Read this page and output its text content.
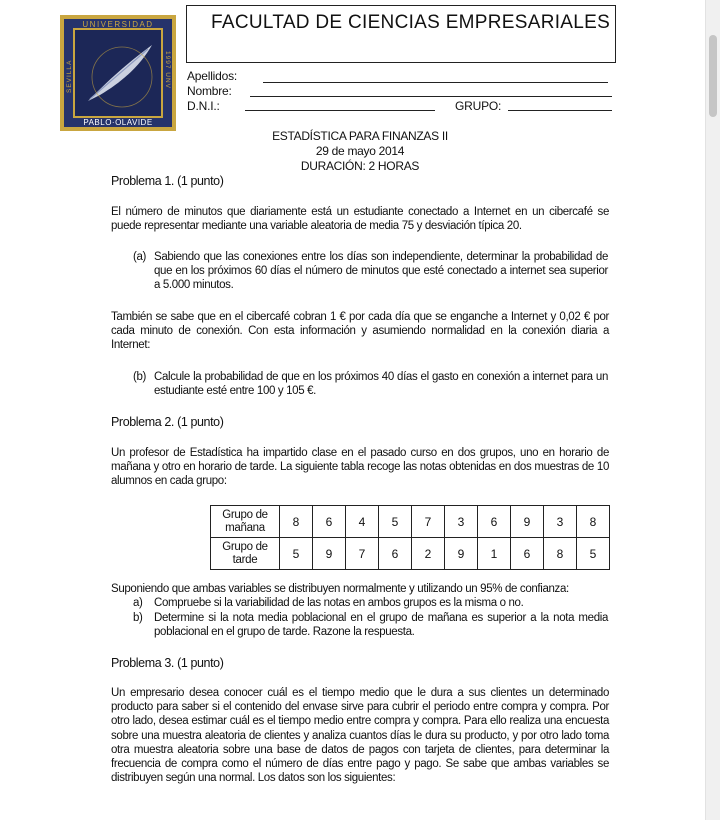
UNIVERSIDAD
PABLO·OLAVIDE
SEVILLA	1997 UNV
FACULTAD DE CIENCIAS EMPRESARIALES
Apellidos:
Nombre:
D.N.I.:	GRUPO:
ESTADÍSTICA PARA FINANZAS II
29 de mayo 2014
DURACIÓN: 2 HORAS
Problema 1. (1 punto)
El número de minutos que diariamente está un estudiante conectado a Internet en un cibercafé se puede representar mediante una variable aleatoria de media 75 y desviación típica 20.
(a) Sabiendo que las conexiones entre los días son independiente, determinar la probabilidad de que en los próximos 60 días el número de minutos que esté conectado a internet sea superior a 5.000 minutos.
También se sabe que en el cibercafé cobran 1 € por cada día que se enganche a Internet y 0,02 € por cada minuto de conexión. Con esta información y asumiendo normalidad en la conexión diaria a Internet:
(b) Calcule la probabilidad de que en los próximos 40 días el gasto en conexión a internet para un estudiante esté entre 100 y 105 €.
Problema 2. (1 punto)
Un profesor de Estadística ha impartido clase en el pasado curso en dos grupos, uno en horario de mañana y otro en horario de tarde. La siguiente tabla recoge las notas obtenidas en dos muestras de 10 alumnos en cada grupo:
Grupo de mañana	8	6	4	5	7	3	6	9	3	8
Grupo de tarde	5	9	7	6	2	9	1	6	8	5
Suponiendo que ambas variables se distribuyen normalmente y utilizando un 95% de confianza:
a) Compruebe si la variabilidad de las notas en ambos grupos es la misma o no.
b) Determine si la nota media poblacional en el grupo de mañana es superior a la nota media poblacional en el grupo de tarde. Razone la respuesta.
Problema 3. (1 punto)
Un empresario desea conocer cuál es el tiempo medio que le dura a sus clientes un determinado producto para saber si el contenido del envase sirve para cubrir el periodo entre compra y compra. Por otro lado, desea estimar cuál es el tiempo medio entre compra y compra. Para ello realiza una encuesta sobre una muestra aleatoria de clientes y analiza cuantos días le dura su producto, y por otro lado toma otra muestra aleatoria sobre una base de datos de pagos con tarjeta de clientes, para determinar la frecuencia de compra como el número de días entre pago y pago. Se sabe que ambas variables se distribuyen según una normal. Los datos son los siguientes:
